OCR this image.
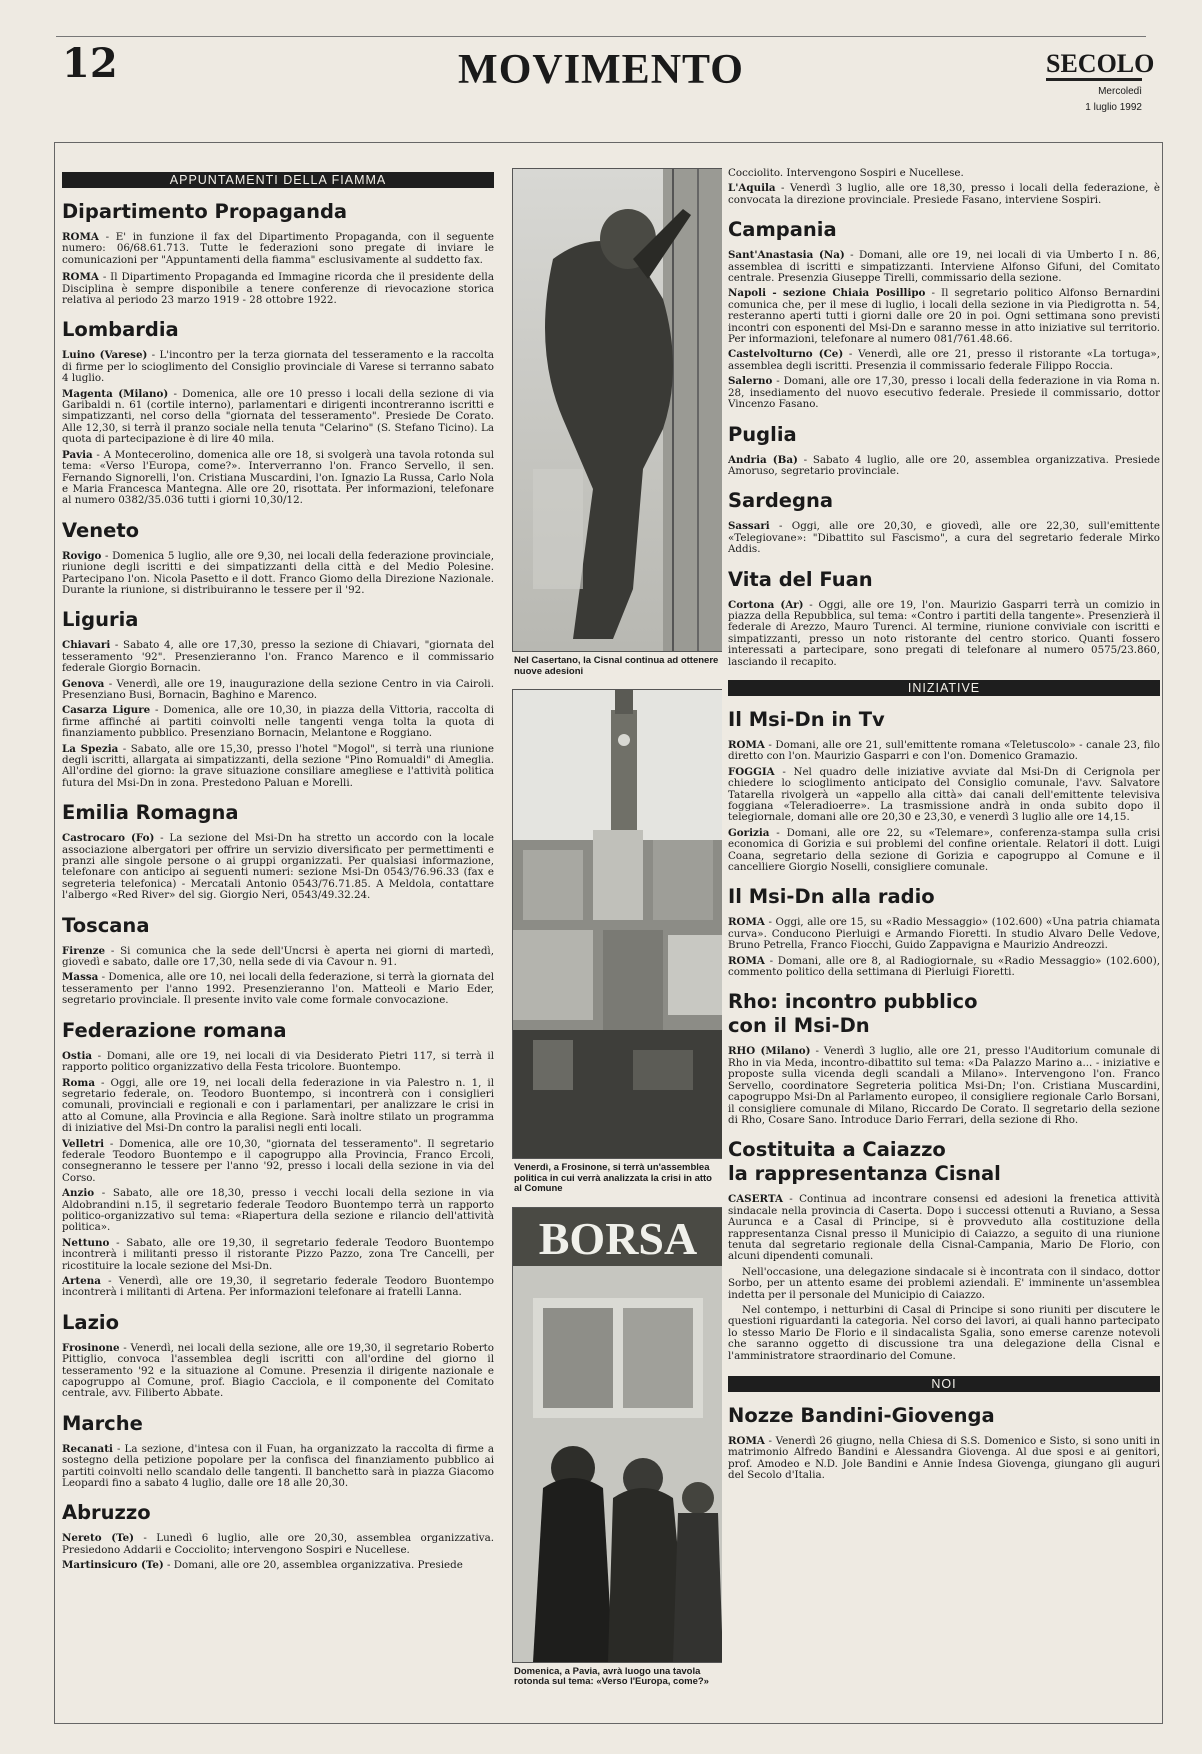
12	MOVIMENTO	SECOLO
Mercoledì
1 luglio 1992
APPUNTAMENTI DELLA FIAMMA
Dipartimento Propaganda
ROMA - E' in funzione il fax del Dipartimento Propaganda, con il seguente numero: 06/68.61.713. Tutte le federazioni sono pregate di inviare le comunicazioni per "Appuntamenti della fiamma" esclusivamente al suddetto fax.
ROMA - Il Dipartimento Propaganda ed Immagine ricorda che il presidente della Disciplina è sempre disponibile a tenere conferenze di rievocazione storica relativa al periodo 23 marzo 1919 - 28 ottobre 1922.
Lombardia
Luino (Varese) - L'incontro per la terza giornata del tesseramento e la raccolta di firme per lo scioglimento del Consiglio provinciale di Varese si terranno sabato 4 luglio.
Magenta (Milano) - Domenica, alle ore 10 presso i locali della sezione di via Garibaldi n. 61 (cortile interno), parlamentari e dirigenti incontreranno iscritti e simpatizzanti, nel corso della "giornata del tesseramento". Presiede De Corato. Alle 12,30, si terrà il pranzo sociale nella tenuta "Celarino" (S. Stefano Ticino). La quota di partecipazione è di lire 40 mila.
Pavia - A Montecerolino, domenica alle ore 18, si svolgerà una tavola rotonda sul tema: «Verso l'Europa, come?». Interverranno l'on. Franco Servello, il sen. Fernando Signorelli, l'on. Cristiana Muscardini, l'on. Ignazio La Russa, Carlo Nola e Maria Francesca Mantegna. Alle ore 20, risottata. Per informazioni, telefonare al numero 0382/35.036 tutti i giorni 10,30/12.
Veneto
Rovigo - Domenica 5 luglio, alle ore 9,30, nei locali della federazione provinciale, riunione degli iscritti e dei simpatizzanti della città e del Medio Polesine. Partecipano l'on. Nicola Pasetto e il dott. Franco Giomo della Direzione Nazionale. Durante la riunione, si distribuiranno le tessere per il '92.
Liguria
Chiavari - Sabato 4, alle ore 17,30, presso la sezione di Chiavari, "giornata del tesseramento '92". Presenzieranno l'on. Franco Marenco e il commissario federale Giorgio Bornacin.
Genova - Venerdì, alle ore 19, inaugurazione della sezione Centro in via Cairoli. Presenziano Busi, Bornacin, Baghino e Marenco.
Casarza Ligure - Domenica, alle ore 10,30, in piazza della Vittoria, raccolta di firme affinché ai partiti coinvolti nelle tangenti venga tolta la quota di finanziamento pubblico. Presenziano Bornacin, Melantone e Roggiano.
La Spezia - Sabato, alle ore 15,30, presso l'hotel "Mogol", si terrà una riunione degli iscritti, allargata ai simpatizzanti, della sezione "Pino Romualdi" di Ameglia. All'ordine del giorno: la grave situazione consiliare amegliese e l'attività politica futura del Msi-Dn in zona. Prestedono Paluan e Morelli.
Emilia Romagna
Castrocaro (Fo) - La sezione del Msi-Dn ha stretto un accordo con la locale associazione albergatori per offrire un servizio diversificato per permettimenti e pranzi alle singole persone o ai gruppi organizzati. Per qualsiasi informazione, telefonare con anticipo ai seguenti numeri: sezione Msi-Dn 0543/76.96.33 (fax e segreteria telefonica) - Mercatali Antonio 0543/76.71.85. A Meldola, contattare l'albergo «Red River» del sig. Giorgio Neri, 0543/49.32.24.
Toscana
Firenze - Si comunica che la sede dell'Uncrsi è aperta nei giorni di martedì, giovedì e sabato, dalle ore 17,30, nella sede di via Cavour n. 91.
Massa - Domenica, alle ore 10, nei locali della federazione, si terrà la giornata del tesseramento per l'anno 1992. Presenzieranno l'on. Matteoli e Mario Eder, segretario provinciale. Il presente invito vale come formale convocazione.
Federazione romana
Ostia - Domani, alle ore 19, nei locali di via Desiderato Pietri 117, si terrà il rapporto politico organizzativo della Festa tricolore. Buontempo.
Roma - Oggi, alle ore 19, nei locali della federazione in via Palestro n. 1, il segretario federale, on. Teodoro Buontempo, si incontrerà con i consiglieri comunali, provinciali e regionali e con i parlamentari, per analizzare le crisi in atto al Comune, alla Provincia e alla Regione. Sarà inoltre stilato un programma di iniziative del Msi-Dn contro la paralisi negli enti locali.
Velletri - Domenica, alle ore 10,30, "giornata del tesseramento". Il segretario federale Teodoro Buontempo e il capogruppo alla Provincia, Franco Ercoli, consegneranno le tessere per l'anno '92, presso i locali della sezione in via del Corso.
Anzio - Sabato, alle ore 18,30, presso i vecchi locali della sezione in via Aldobrandini n.15, il segretario federale Teodoro Buontempo terrà un rapporto politico-organizzativo sul tema: «Riapertura della sezione e rilancio dell'attività politica».
Nettuno - Sabato, alle ore 19,30, il segretario federale Teodoro Buontempo incontrerà i militanti presso il ristorante Pizzo Pazzo, zona Tre Cancelli, per ricostituire la locale sezione del Msi-Dn.
Artena - Venerdì, alle ore 19,30, il segretario federale Teodoro Buontempo incontrerà i militanti di Artena. Per informazioni telefonare ai fratelli Lanna.
Lazio
Frosinone - Venerdì, nei locali della sezione, alle ore 19,30, il segretario Roberto Pittiglio, convoca l'assemblea degli iscritti con all'ordine del giorno il tesseramento '92 e la situazione al Comune. Presenzia il dirigente nazionale e capogruppo al Comune, prof. Biagio Cacciola, e il componente del Comitato centrale, avv. Filiberto Abbate.
Marche
Recanati - La sezione, d'intesa con il Fuan, ha organizzato la raccolta di firme a sostegno della petizione popolare per la confisca del finanziamento pubblico ai partiti coinvolti nello scandalo delle tangenti. Il banchetto sarà in piazza Giacomo Leopardi fino a sabato 4 luglio, dalle ore 18 alle 20,30.
Abruzzo
Nereto (Te) - Lunedì 6 luglio, alle ore 20,30, assemblea organizzativa. Presiedono Addarii e Cocciolito; intervengono Sospiri e Nucellese.
Martinsicuro (Te) - Domani, alle ore 20, assemblea organizzativa. Presiede
Nel Casertano, la Cisnal continua ad ottenere nuove adesioni
Venerdì, a Frosinone, si terrà un'assemblea politica in cui verrà analizzata la crisi in atto al Comune
BORSA
Domenica, a Pavia, avrà luogo una tavola rotonda sul tema: «Verso l'Europa, come?»
Cocciolito. Intervengono Sospiri e Nucellese.
L'Aquila - Venerdì 3 luglio, alle ore 18,30, presso i locali della federazione, è convocata la direzione provinciale. Presiede Fasano, interviene Sospiri.
Campania
Sant'Anastasia (Na) - Domani, alle ore 19, nei locali di via Umberto I n. 86, assemblea di iscritti e simpatizzanti. Interviene Alfonso Gifuni, del Comitato centrale. Presenzia Giuseppe Tirelli, commissario della sezione.
Napoli - sezione Chiaia Posillipo - Il segretario politico Alfonso Bernardini comunica che, per il mese di luglio, i locali della sezione in via Piedigrotta n. 54, resteranno aperti tutti i giorni dalle ore 20 in poi. Ogni settimana sono previsti incontri con esponenti del Msi-Dn e saranno messe in atto iniziative sul territorio. Per informazioni, telefonare al numero 081/761.48.66.
Castelvolturno (Ce) - Venerdì, alle ore 21, presso il ristorante «La tortuga», assemblea degli iscritti. Presenzia il commissario federale Filippo Roccia.
Salerno - Domani, alle ore 17,30, presso i locali della federazione in via Roma n. 28, insediamento del nuovo esecutivo federale. Presiede il commissario, dottor Vincenzo Fasano.
Puglia
Andria (Ba) - Sabato 4 luglio, alle ore 20, assemblea organizzativa. Presiede Amoruso, segretario provinciale.
Sardegna
Sassari - Oggi, alle ore 20,30, e giovedì, alle ore 22,30, sull'emittente «Telegiovane»: "Dibattito sul Fascismo", a cura del segretario federale Mirko Addis.
Vita del Fuan
Cortona (Ar) - Oggi, alle ore 19, l'on. Maurizio Gasparri terrà un comizio in piazza della Repubblica, sul tema: «Contro i partiti della tangente». Presenzierà il federale di Arezzo, Mauro Turenci. Al termine, riunione conviviale con iscritti e simpatizzanti, presso un noto ristorante del centro storico. Quanti fossero interessati a partecipare, sono pregati di telefonare al numero 0575/23.860, lasciando il recapito.
INIZIATIVE
Il Msi-Dn in Tv
ROMA - Domani, alle ore 21, sull'emittente romana «Teletuscolo» - canale 23, filo diretto con l'on. Maurizio Gasparri e con l'on. Domenico Gramazio.
FOGGIA - Nel quadro delle iniziative avviate dal Msi-Dn di Cerignola per chiedere lo scioglimento anticipato del Consiglio comunale, l'avv. Salvatore Tatarella rivolgerà un «appello alla città» dai canali dell'emittente televisiva foggiana «Teleradioerre». La trasmissione andrà in onda subito dopo il telegiornale, domani alle ore 20,30 e 23,30, e venerdì 3 luglio alle ore 14,15.
Gorizia - Domani, alle ore 22, su «Telemare», conferenza-stampa sulla crisi economica di Gorizia e sui problemi del confine orientale. Relatori il dott. Luigi Coana, segretario della sezione di Gorizia e capogruppo al Comune e il cancelliere Giorgio Noselli, consigliere comunale.
Il Msi-Dn alla radio
ROMA - Oggi, alle ore 15, su «Radio Messaggio» (102.600) «Una patria chiamata curva». Conducono Pierluigi e Armando Fioretti. In studio Alvaro Delle Vedove, Bruno Petrella, Franco Fiocchi, Guido Zappavigna e Maurizio Andreozzi.
ROMA - Domani, alle ore 8, al Radiogiornale, su «Radio Messaggio» (102.600), commento politico della settimana di Pierluigi Fioretti.
Rho: incontro pubblico
con il Msi-Dn
RHO (Milano) - Venerdì 3 luglio, alle ore 21, presso l'Auditorium comunale di Rho in via Meda, incontro-dibattito sul tema: «Da Palazzo Marino a... - iniziative e proposte sulla vicenda degli scandali a Milano». Intervengono l'on. Franco Servello, coordinatore Segreteria politica Msi-Dn; l'on. Cristiana Muscardini, capogruppo Msi-Dn al Parlamento europeo, il consigliere regionale Carlo Borsani, il consigliere comunale di Milano, Riccardo De Corato. Il segretario della sezione di Rho, Cosare Sano. Introduce Dario Ferrari, della sezione di Rho.
Costituita a Caiazzo
la rappresentanza Cisnal
CASERTA - Continua ad incontrare consensi ed adesioni la frenetica attività sindacale nella provincia di Caserta. Dopo i successi ottenuti a Ruviano, a Sessa Aurunca e a Casal di Principe, si è provveduto alla costituzione della rappresentanza Cisnal presso il Municipio di Caiazzo, a seguito di una riunione tenuta dal segretario regionale della Cisnal-Campania, Mario De Florio, con alcuni dipendenti comunali.
Nell'occasione, una delegazione sindacale si è incontrata con il sindaco, dottor Sorbo, per un attento esame dei problemi aziendali. E' imminente un'assemblea indetta per il personale del Municipio di Caiazzo.
Nel contempo, i netturbini di Casal di Principe si sono riuniti per discutere le questioni riguardanti la categoria. Nel corso dei lavori, ai quali hanno partecipato lo stesso Mario De Florio e il sindacalista Sgalia, sono emerse carenze notevoli che saranno oggetto di discussione tra una delegazione della Cisnal e l'amministratore straordinario del Comune.
NOI
Nozze Bandini-Giovenga
ROMA - Venerdì 26 giugno, nella Chiesa di S.S. Domenico e Sisto, si sono uniti in matrimonio Alfredo Bandini e Alessandra Giovenga. Al due sposi e ai genitori, prof. Amodeo e N.D. Jole Bandini e Annie Indesa Giovenga, giungano gli auguri del Secolo d'Italia.
